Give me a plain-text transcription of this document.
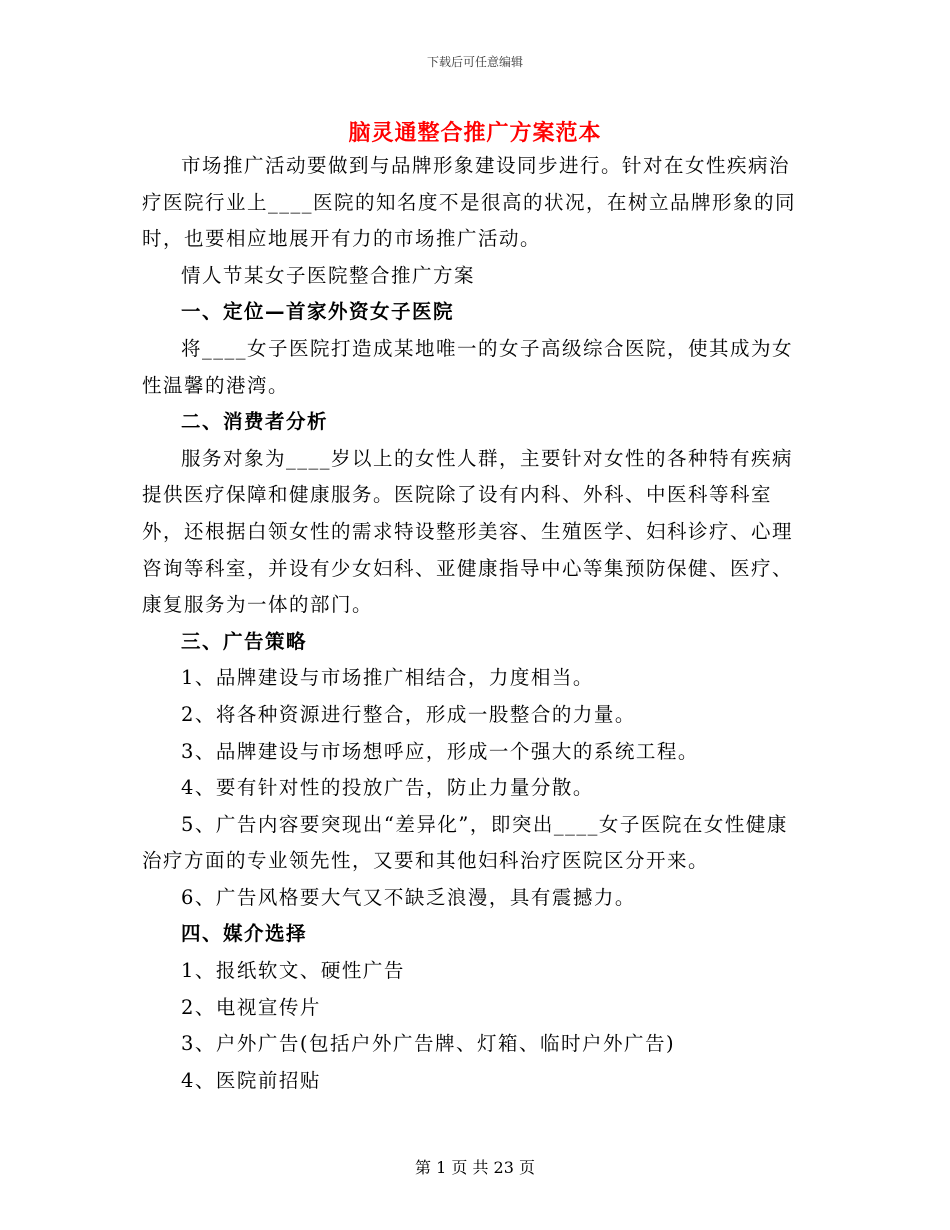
下载后可任意编辑
脑灵通整合推广方案范本

市场推广活动要做到与品牌形象建设同步进行。针对在女性疾病治疗医院行业上____医院的知名度不是很高的状况，在树立品牌形象的同时，也要相应地展开有力的市场推广活动。

情人节某女子医院整合推广方案

一、定位—首家外资女子医院

将____女子医院打造成某地唯一的女子高级综合医院，使其成为女性温馨的港湾。

二、消费者分析

服务对象为____岁以上的女性人群，主要针对女性的各种特有疾病提供医疗保障和健康服务。医院除了设有内科、外科、中医科等科室外，还根据白领女性的需求特设整形美容、生殖医学、妇科诊疗、心理咨询等科室，并设有少女妇科、亚健康指导中心等集预防保健、医疗、康复服务为一体的部门。

三、广告策略

1、品牌建设与市场推广相结合，力度相当。

2、将各种资源进行整合，形成一股整合的力量。

3、品牌建设与市场想呼应，形成一个强大的系统工程。

4、要有针对性的投放广告，防止力量分散。

5、广告内容要突现出“差异化”，即突出____女子医院在女性健康治疗方面的专业领先性，又要和其他妇科治疗医院区分开来。

6、广告风格要大气又不缺乏浪漫，具有震撼力。

四、媒介选择

1、报纸软文、硬性广告

2、电视宣传片

3、户外广告(包括户外广告牌、灯箱、临时户外广告)

4、医院前招贴

第 1 页 共 23 页
